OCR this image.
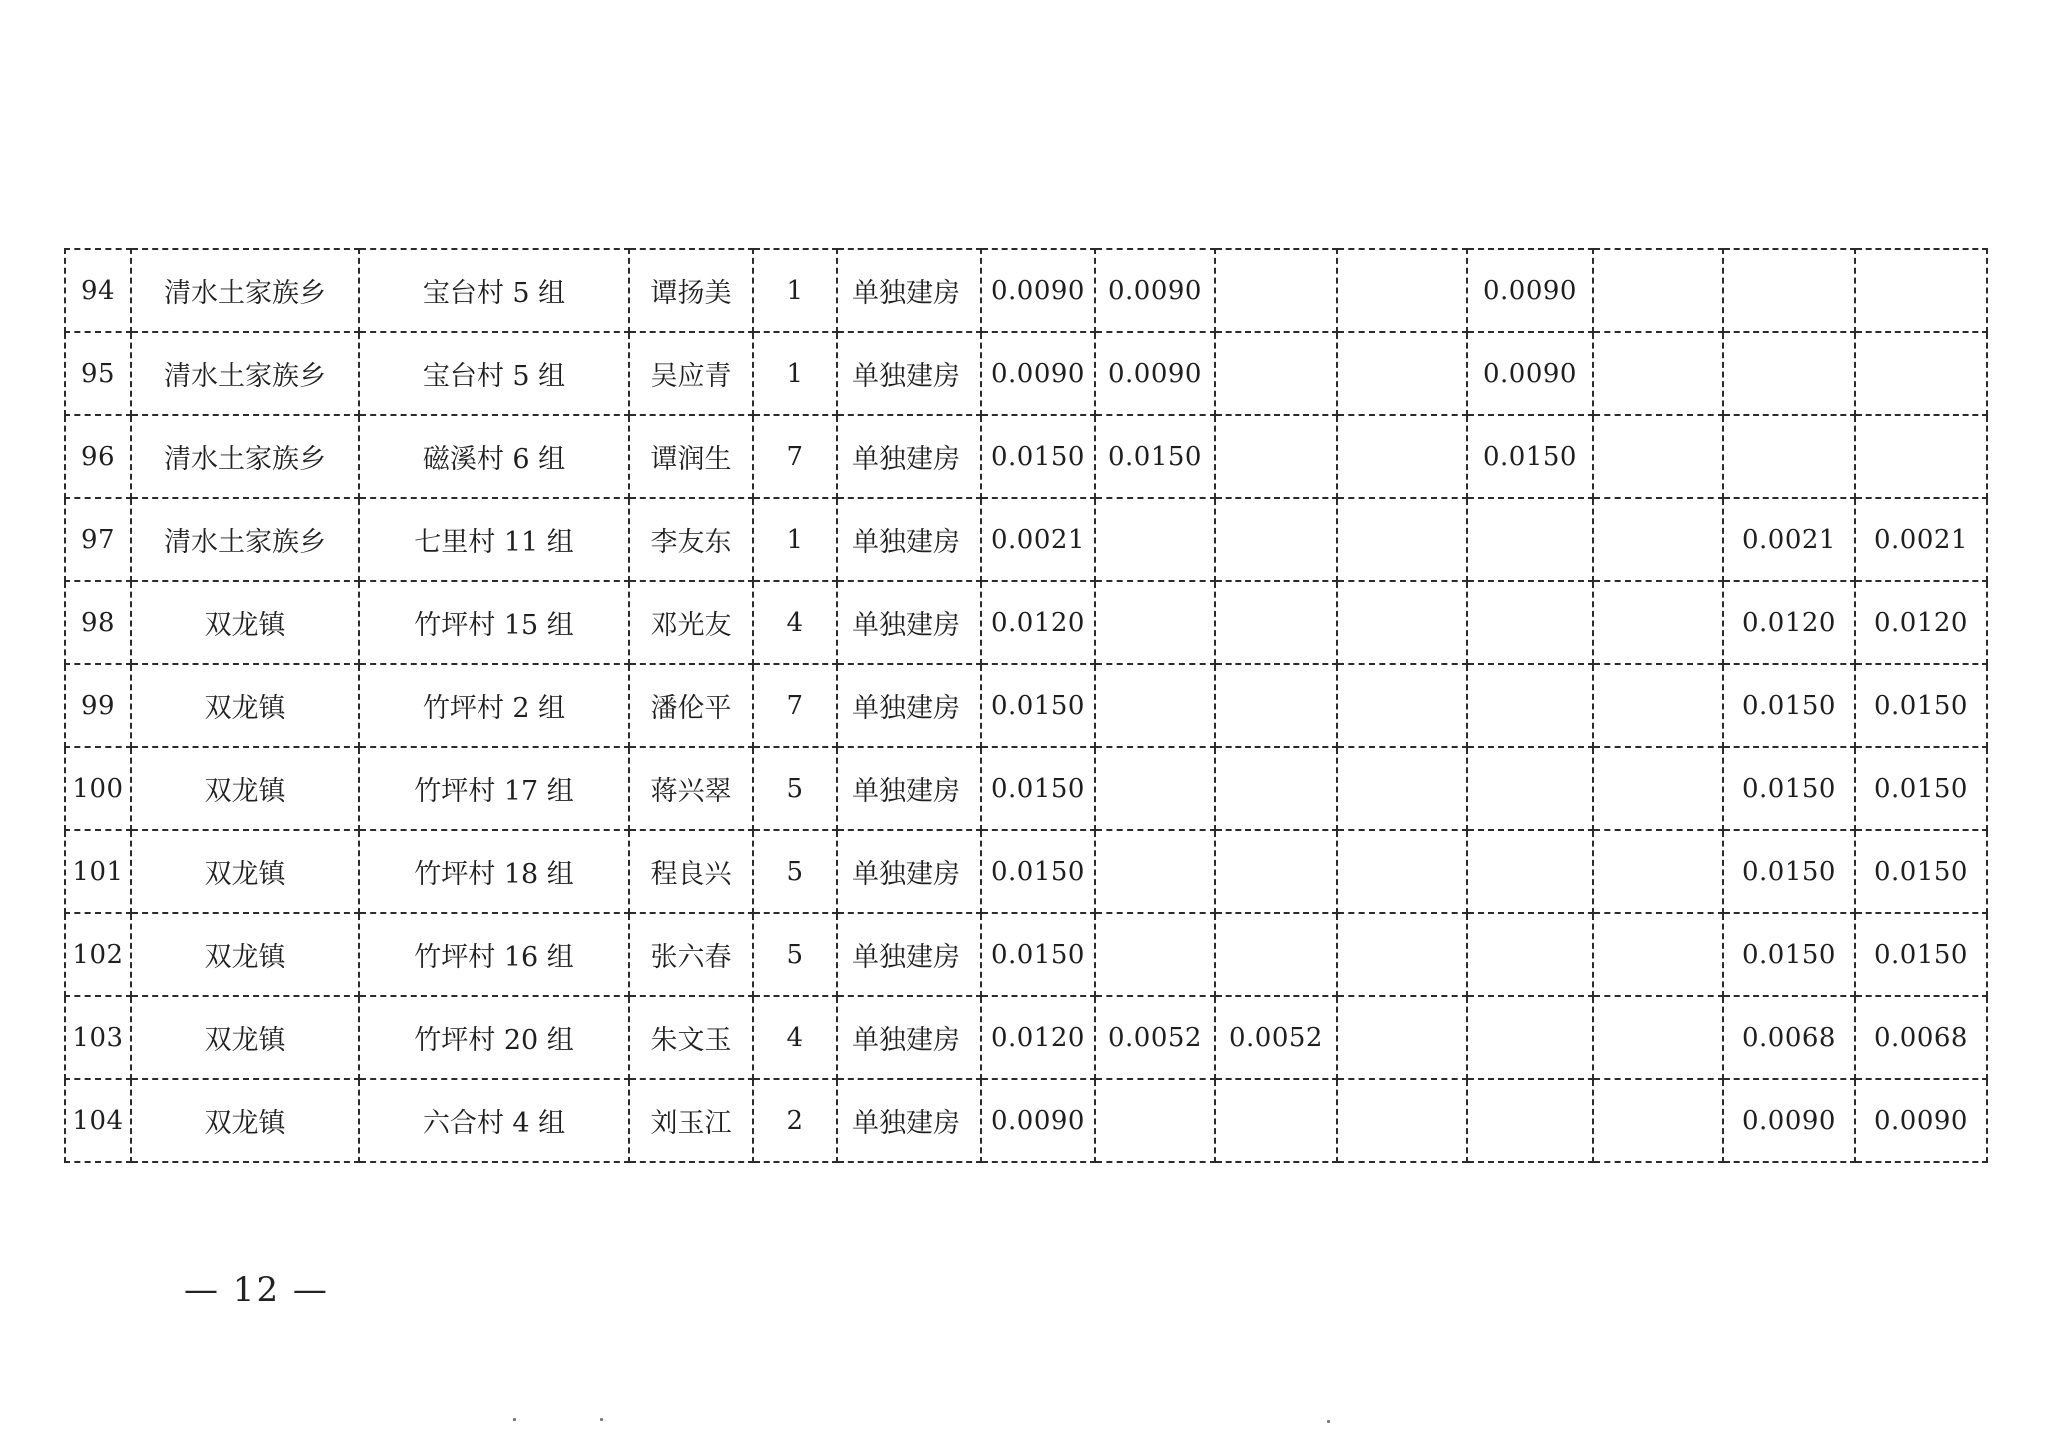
94	清水土家族乡	宝台村 5 组	谭扬美	1	单独建房	0.0090	0.0090			0.0090			
95	清水土家族乡	宝台村 5 组	吴应青	1	单独建房	0.0090	0.0090			0.0090			
96	清水土家族乡	磁溪村 6 组	谭润生	7	单独建房	0.0150	0.0150			0.0150			
97	清水土家族乡	七里村 11 组	李友东	1	单独建房	0.0021						0.0021	0.0021
98	双龙镇	竹坪村 15 组	邓光友	4	单独建房	0.0120						0.0120	0.0120
99	双龙镇	竹坪村 2 组	潘伦平	7	单独建房	0.0150						0.0150	0.0150
100	双龙镇	竹坪村 17 组	蒋兴翠	5	单独建房	0.0150						0.0150	0.0150
101	双龙镇	竹坪村 18 组	程良兴	5	单独建房	0.0150						0.0150	0.0150
102	双龙镇	竹坪村 16 组	张六春	5	单独建房	0.0150						0.0150	0.0150
103	双龙镇	竹坪村 20 组	朱文玉	4	单独建房	0.0120	0.0052	0.0052				0.0068	0.0068
104	双龙镇	六合村 4 组	刘玉江	2	单独建房	0.0090						0.0090	0.0090
— 12 —
